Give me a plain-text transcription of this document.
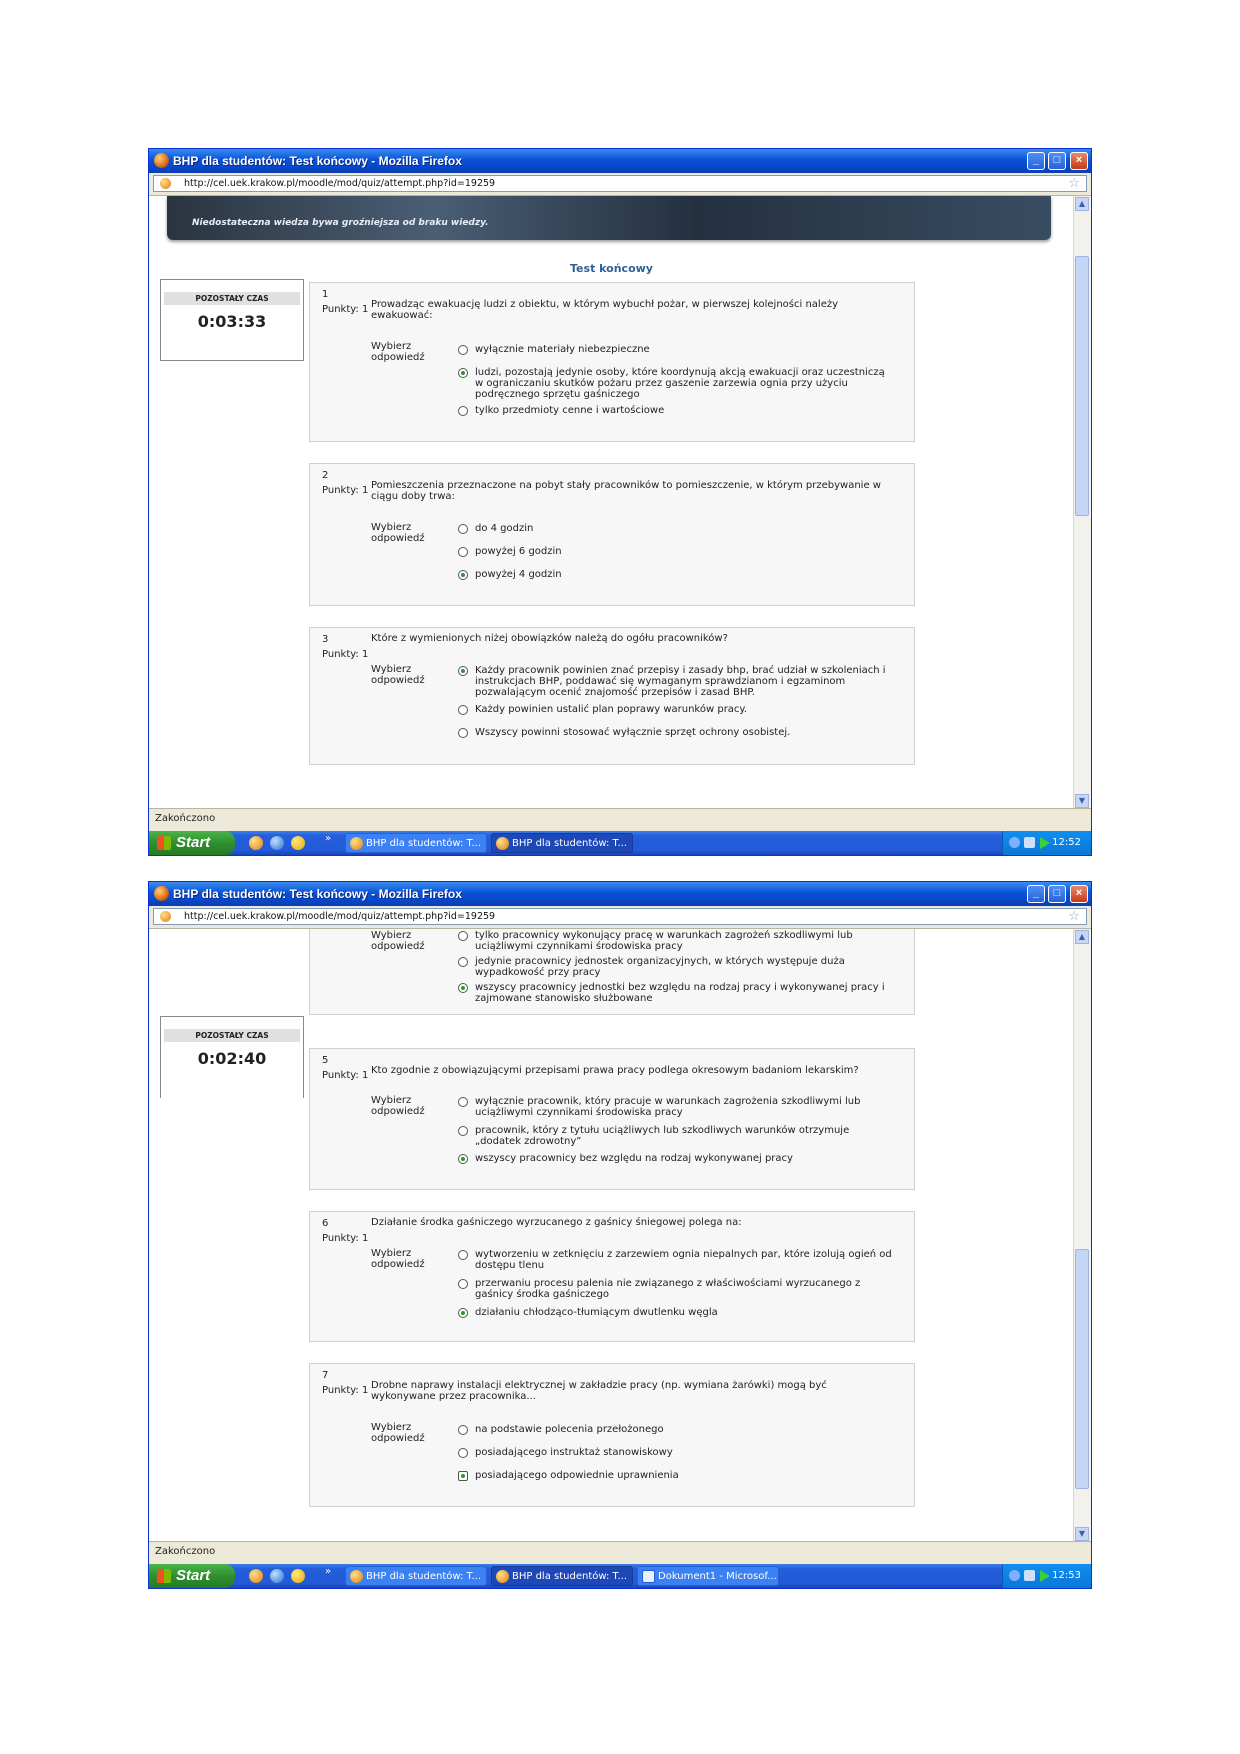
BHP dla studentów: Test końcowy - Mozilla Firefox	_	□	×
http://cel.uek.krakow.pl/moodle/mod/quiz/attempt.php?id=19259	☆
Niedostateczna wiedza bywa groźniejsza od braku wiedzy.
Test końcowy
POZOSTAŁY CZAS
0:03:33
1
Punkty: 1 Prowadząc ewakuację ludzi z obiektu, w którym wybuchł pożar, w pierwszej kolejności należy ewakuować:
Wybierz odpowiedź
wyłącznie materiały niebezpieczne
ludzi, pozostają jedynie osoby, które koordynują akcją ewakuacji oraz uczestniczą w ograniczaniu skutków pożaru przez gaszenie zarzewia ognia przy użyciu podręcznego sprzętu gaśniczego
tylko przedmioty cenne i wartościowe
2
Punkty: 1 Pomieszczenia przeznaczone na pobyt stały pracowników to pomieszczenie, w którym przebywanie w ciągu doby trwa:
Wybierz odpowiedź
do 4 godzin
powyżej 6 godzin
powyżej 4 godzin
3
Punkty: 1
Które z wymienionych niżej obowiązków należą do ogółu pracowników?
Wybierz odpowiedź
Każdy pracownik powinien znać przepisy i zasady bhp, brać udział w szkoleniach i instrukcjach BHP, poddawać się wymaganym sprawdzianom i egzaminom pozwalającym ocenić znajomość przepisów i zasad BHP.
Każdy powinien ustalić plan poprawy warunków pracy.
Wszyscy powinni stosować wyłącznie sprzęt ochrony osobistej.
▲
▼
Zakończono
Start	»	BHP dla studentów: T...	BHP dla studentów: T...	12:52
BHP dla studentów: Test końcowy - Mozilla Firefox	_	□	×
http://cel.uek.krakow.pl/moodle/mod/quiz/attempt.php?id=19259	☆
POZOSTAŁY CZAS
0:02:40
Wybierz odpowiedź
tylko pracownicy wykonujący pracę w warunkach zagrożeń szkodliwymi lub uciążliwymi czynnikami środowiska pracy
jedynie pracownicy jednostek organizacyjnych, w których występuje duża wypadkowość przy pracy
wszyscy pracownicy jednostki bez względu na rodzaj pracy i wykonywanej pracy i zajmowane stanowisko służbowane
5
Punkty: 1 Kto zgodnie z obowiązującymi przepisami prawa pracy podlega okresowym badaniom lekarskim?
Wybierz odpowiedź
wyłącznie pracownik, który pracuje w warunkach zagrożenia szkodliwymi lub uciążliwymi czynnikami środowiska pracy
pracownik, który z tytułu uciążliwych lub szkodliwych warunków otrzymuje „dodatek zdrowotny”
wszyscy pracownicy bez względu na rodzaj wykonywanej pracy
6
Punkty: 1
Działanie środka gaśniczego wyrzucanego z gaśnicy śniegowej polega na:
Wybierz odpowiedź
wytworzeniu w zetknięciu z zarzewiem ognia niepalnych par, które izolują ogień od dostępu tlenu
przerwaniu procesu palenia nie związanego z właściwościami wyrzucanego z gaśnicy środka gaśniczego
działaniu chłodząco-tłumiącym dwutlenku węgla
7
Punkty: 1 Drobne naprawy instalacji elektrycznej w zakładzie pracy (np. wymiana żarówki) mogą być wykonywane przez pracownika...
Wybierz odpowiedź
na podstawie polecenia przełożonego
posiadającego instruktaż stanowiskowy
posiadającego odpowiednie uprawnienia
▲
▼
Zakończono
Start	»	BHP dla studentów: T...	BHP dla studentów: T...	Dokument1 - Microsof...	12:53
